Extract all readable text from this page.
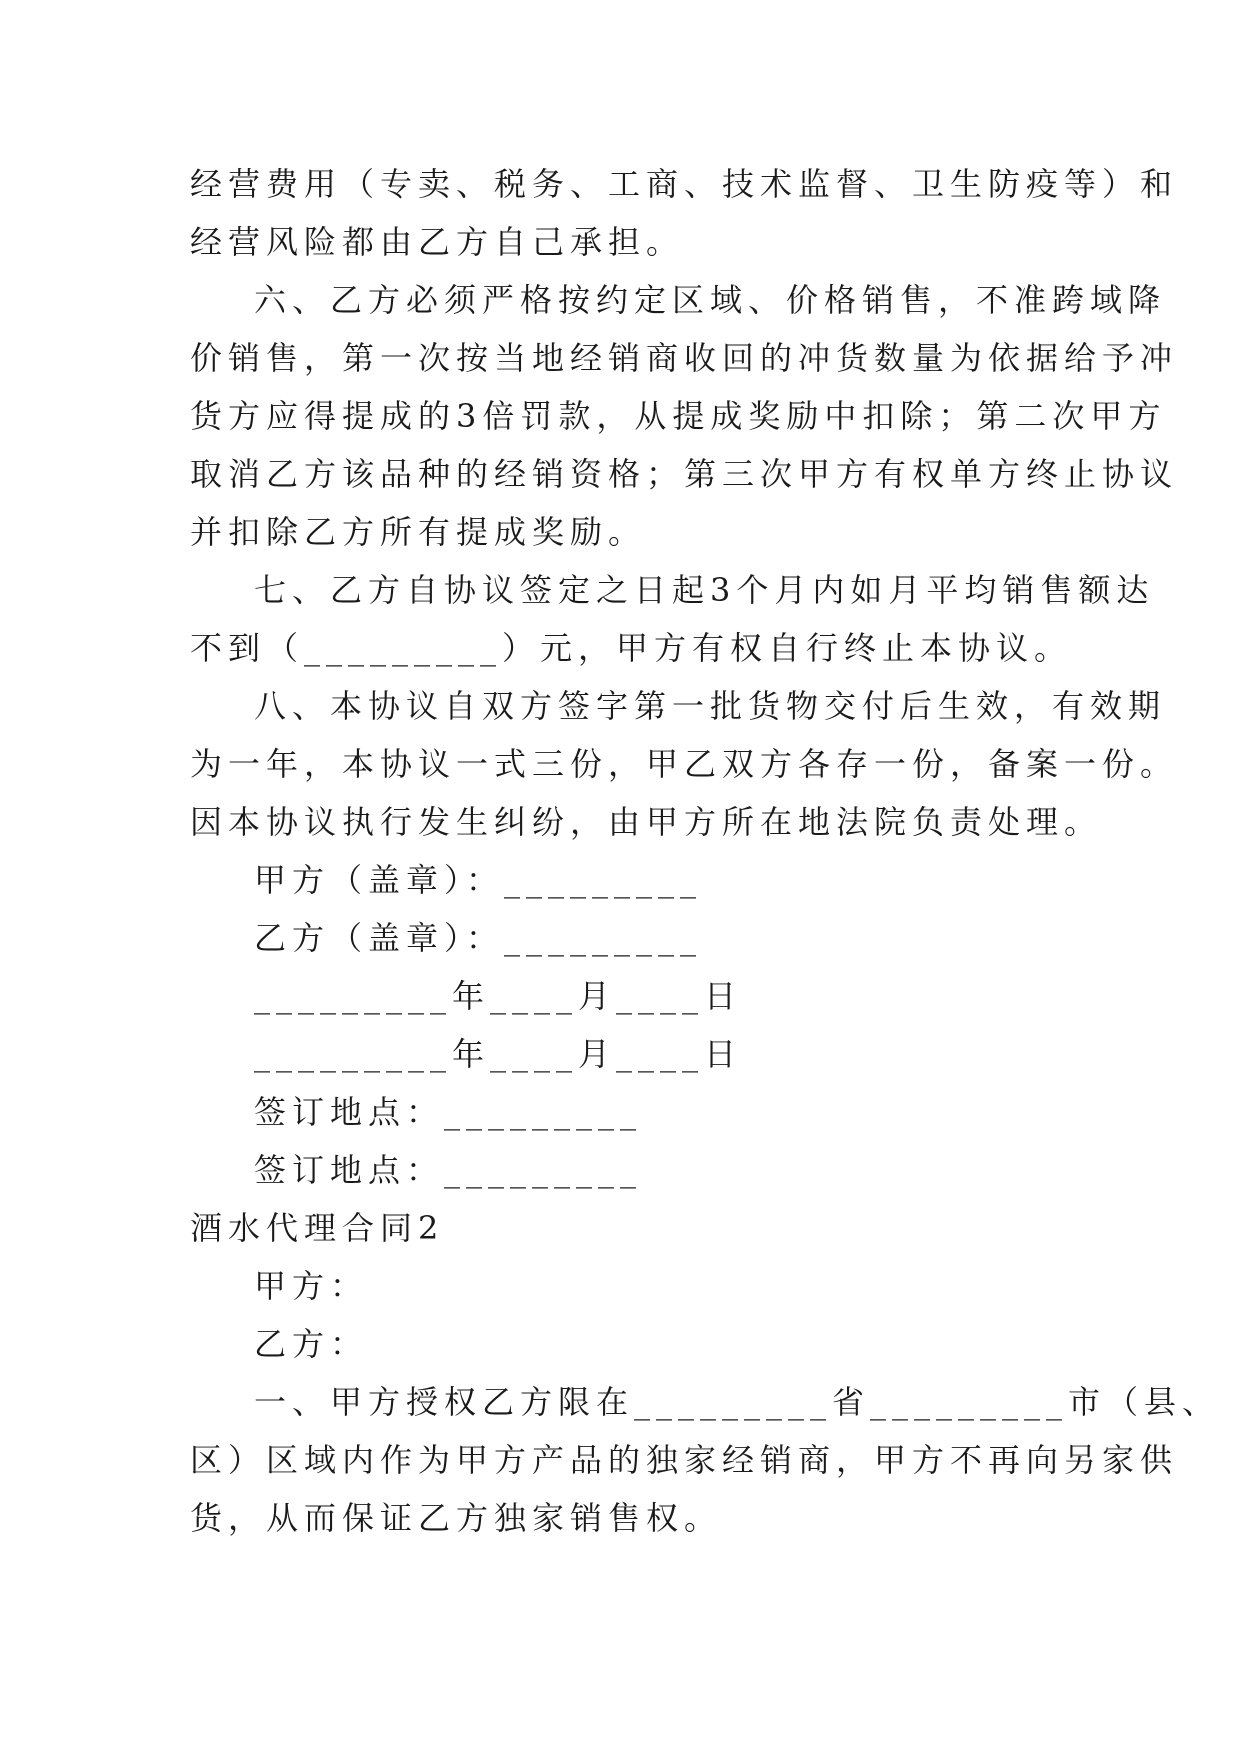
经营费用（专卖、税务、工商、技术监督、卫生防疫等）和
经营风险都由乙方自己承担。
六、乙方必须严格按约定区域、价格销售，不准跨域降
价销售，第一次按当地经销商收回的冲货数量为依据给予冲
货方应得提成的3倍罚款，从提成奖励中扣除；第二次甲方
取消乙方该品种的经销资格；第三次甲方有权单方终止协议
并扣除乙方所有提成奖励。
七、乙方自协议签定之日起3个月内如月平均销售额达
不到（_________）元，甲方有权自行终止本协议。
八、本协议自双方签字第一批货物交付后生效，有效期
为一年，本协议一式三份，甲乙双方各存一份，备案一份。
因本协议执行发生纠纷，由甲方所在地法院负责处理。
甲方（盖章）：_________
乙方（盖章）：_________
_________年____月____日
_________年____月____日
签订地点：_________
签订地点：_________
酒水代理合同2
甲方：
乙方：
一、甲方授权乙方限在_________省_________市（县、
区）区域内作为甲方产品的独家经销商，甲方不再向另家供
货，从而保证乙方独家销售权。
